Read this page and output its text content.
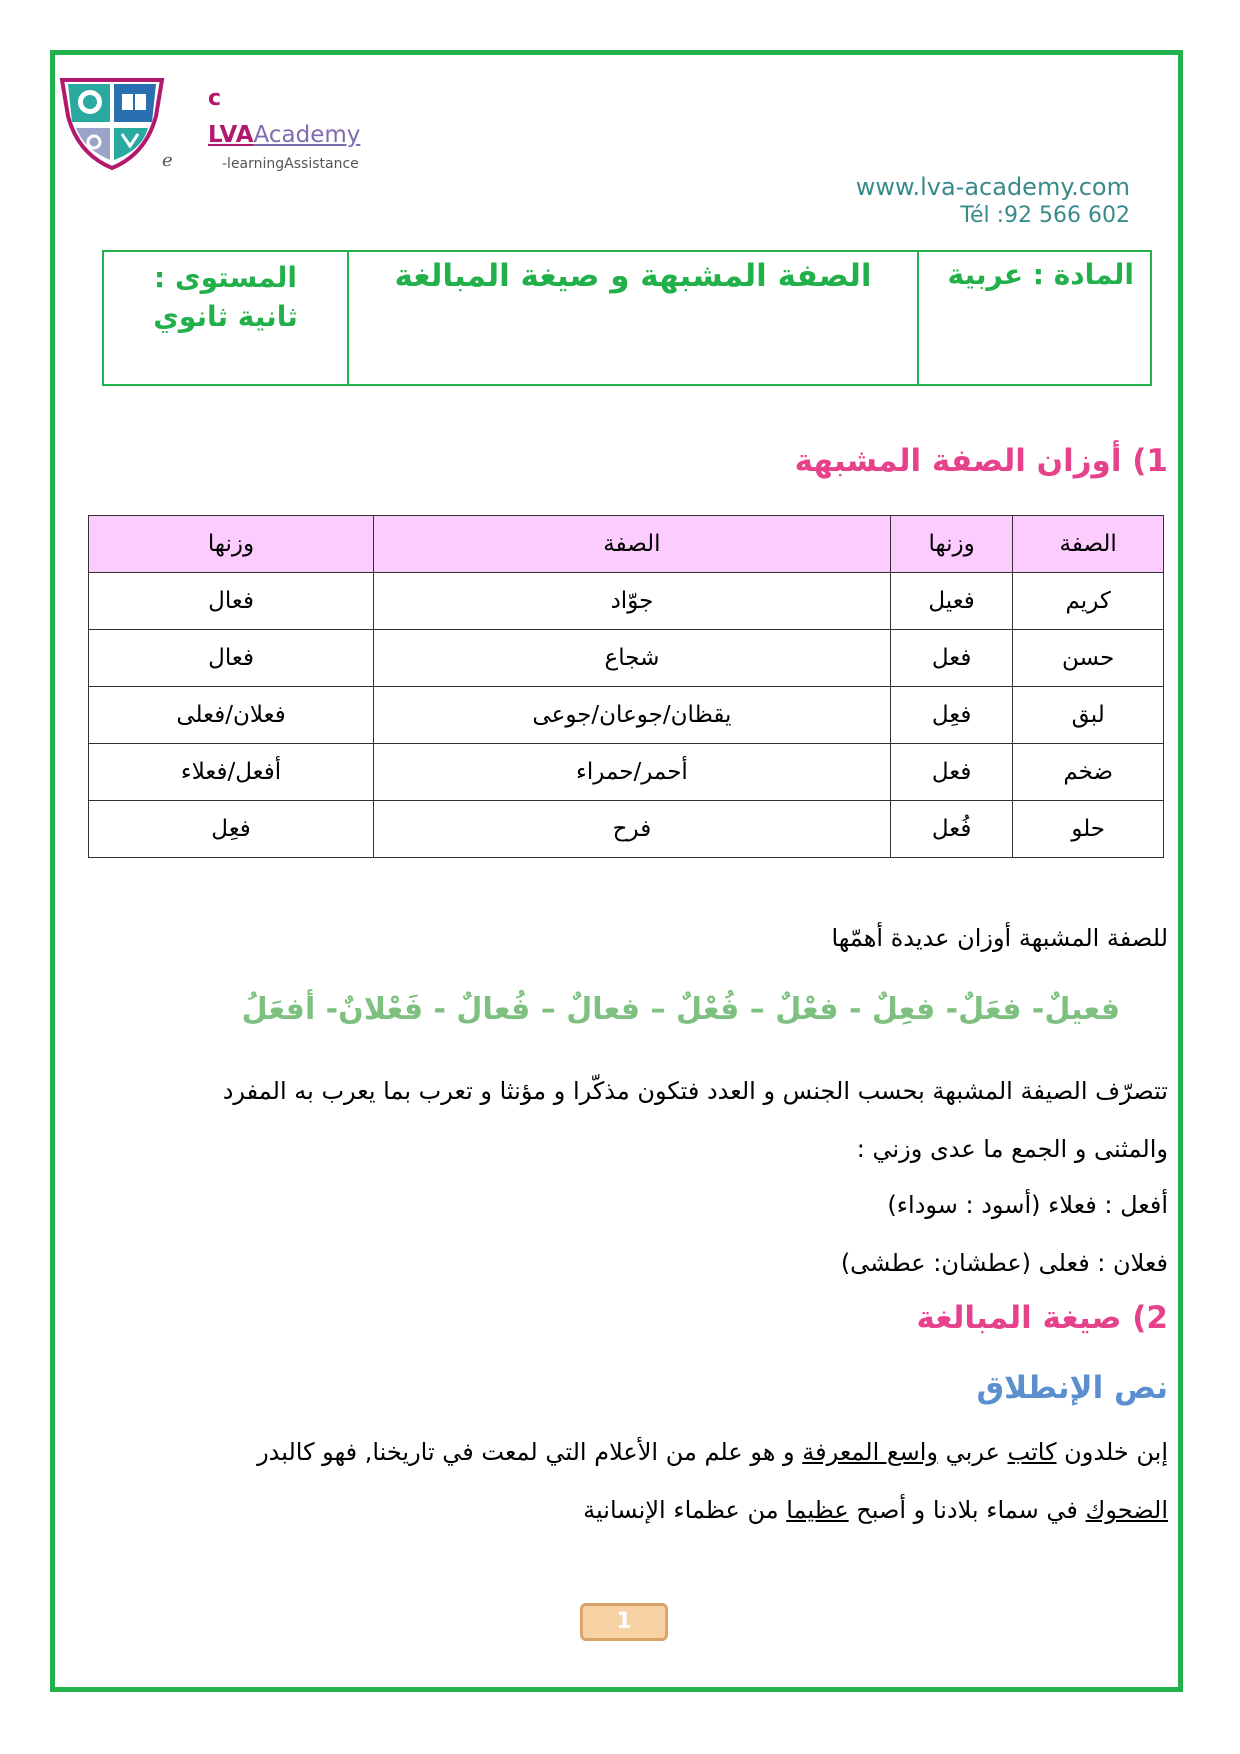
c
e
LVAAcademy
-learningAssistance
www.lva-academy.com
Tél :92 566 602
المادة : عربية
الصفة المشبهة و صيغة المبالغة
المستوى : ثانية ثانوي
1) أوزان الصفة المشبهة
الصفة	وزنها	الصفة	وزنها
كريم	فعيل	جوّاد	فعال
حسن	فعل	شجاع	فعال
لبق	فعِل	يقظان/جوعان/جوعى	فعلان/فعلى
ضخم	فعل	أحمر/حمراء	أفعل/فعلاء
حلو	فُعل	فرح	فعِل
للصفة المشبهة أوزان عديدة أهمّها
فعيلٌ- فعَلٌ- فعِلٌ - فعْلٌ – فُعْلٌ – فعالٌ – فُعالٌ - فَعْلانٌ- أفعَلُ
تتصرّف الصيفة المشبهة بحسب الجنس و العدد فتكون مذكّرا و مؤنثا و تعرب بما يعرب به المفرد
والمثنى و الجمع ما عدى وزني :
أفعل : فعلاء (أسود : سوداء)
فعلان : فعلى (عطشان: عطشى)
2) صيغة المبالغة
نص الإنطلاق
إبن خلدون كاتب عربي واسع المعرفة و هو علم من الأعلام التي لمعت في تاريخنا, فهو كالبدر
الضحوك في سماء بلادنا و أصبح عظيما من عظماء الإنسانية
1
